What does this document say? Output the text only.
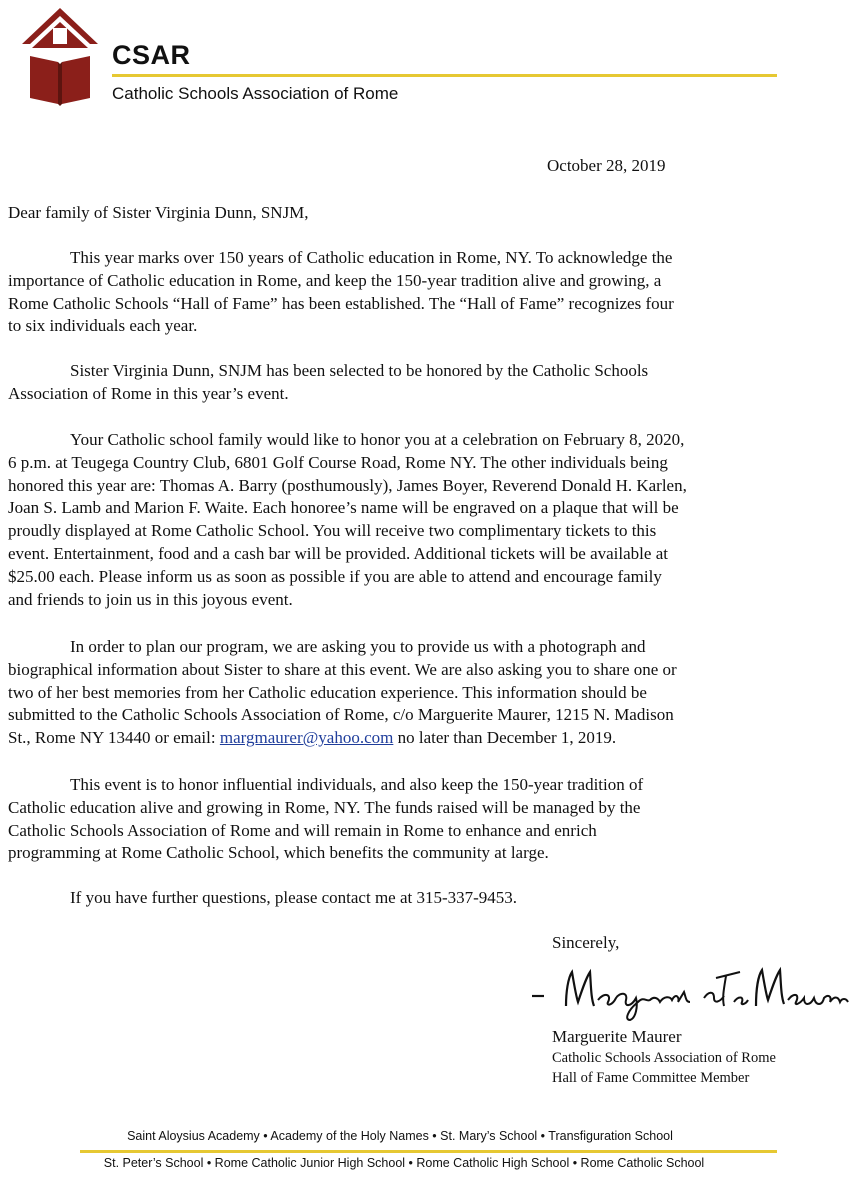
CSAR
Catholic Schools Association of Rome
October 28, 2019
Dear family of Sister Virginia Dunn, SNJM,
This year marks over 150 years of Catholic education in Rome, NY. To acknowledge the
importance of Catholic education in Rome, and keep the 150-year tradition alive and growing, a
Rome Catholic Schools “Hall of Fame” has been established. The “Hall of Fame” recognizes four
to six individuals each year.
Sister Virginia Dunn, SNJM has been selected to be honored by the Catholic Schools
Association of Rome in this year’s event.
Your Catholic school family would like to honor you at a celebration on February 8, 2020,
6 p.m. at Teugega Country Club, 6801 Golf Course Road, Rome NY. The other individuals being
honored this year are: Thomas A. Barry (posthumously), James Boyer, Reverend Donald H. Karlen,
Joan S. Lamb and Marion F. Waite. Each honoree’s name will be engraved on a plaque that will be
proudly displayed at Rome Catholic School. You will receive two complimentary tickets to this
event. Entertainment, food and a cash bar will be provided. Additional tickets will be available at
$25.00 each. Please inform us as soon as possible if you are able to attend and encourage family
and friends to join us in this joyous event.
In order to plan our program, we are asking you to provide us with a photograph and
biographical information about Sister to share at this event. We are also asking you to share one or
two of her best memories from her Catholic education experience. This information should be
submitted to the Catholic Schools Association of Rome, c/o Marguerite Maurer, 1215 N. Madison
St., Rome NY 13440 or email: margmaurer@yahoo.com no later than December 1, 2019.
This event is to honor influential individuals, and also keep the 150-year tradition of
Catholic education alive and growing in Rome, NY. The funds raised will be managed by the
Catholic Schools Association of Rome and will remain in Rome to enhance and enrich
programming at Rome Catholic School, which benefits the community at large.
If you have further questions, please contact me at 315-337-9453.
Sincerely,
Marguerite Maurer
Catholic Schools Association of Rome
Hall of Fame Committee Member
Saint Aloysius Academy • Academy of the Holy Names • St. Mary’s School • Transfiguration School
St. Peter’s School • Rome Catholic Junior High School • Rome Catholic High School • Rome Catholic School
